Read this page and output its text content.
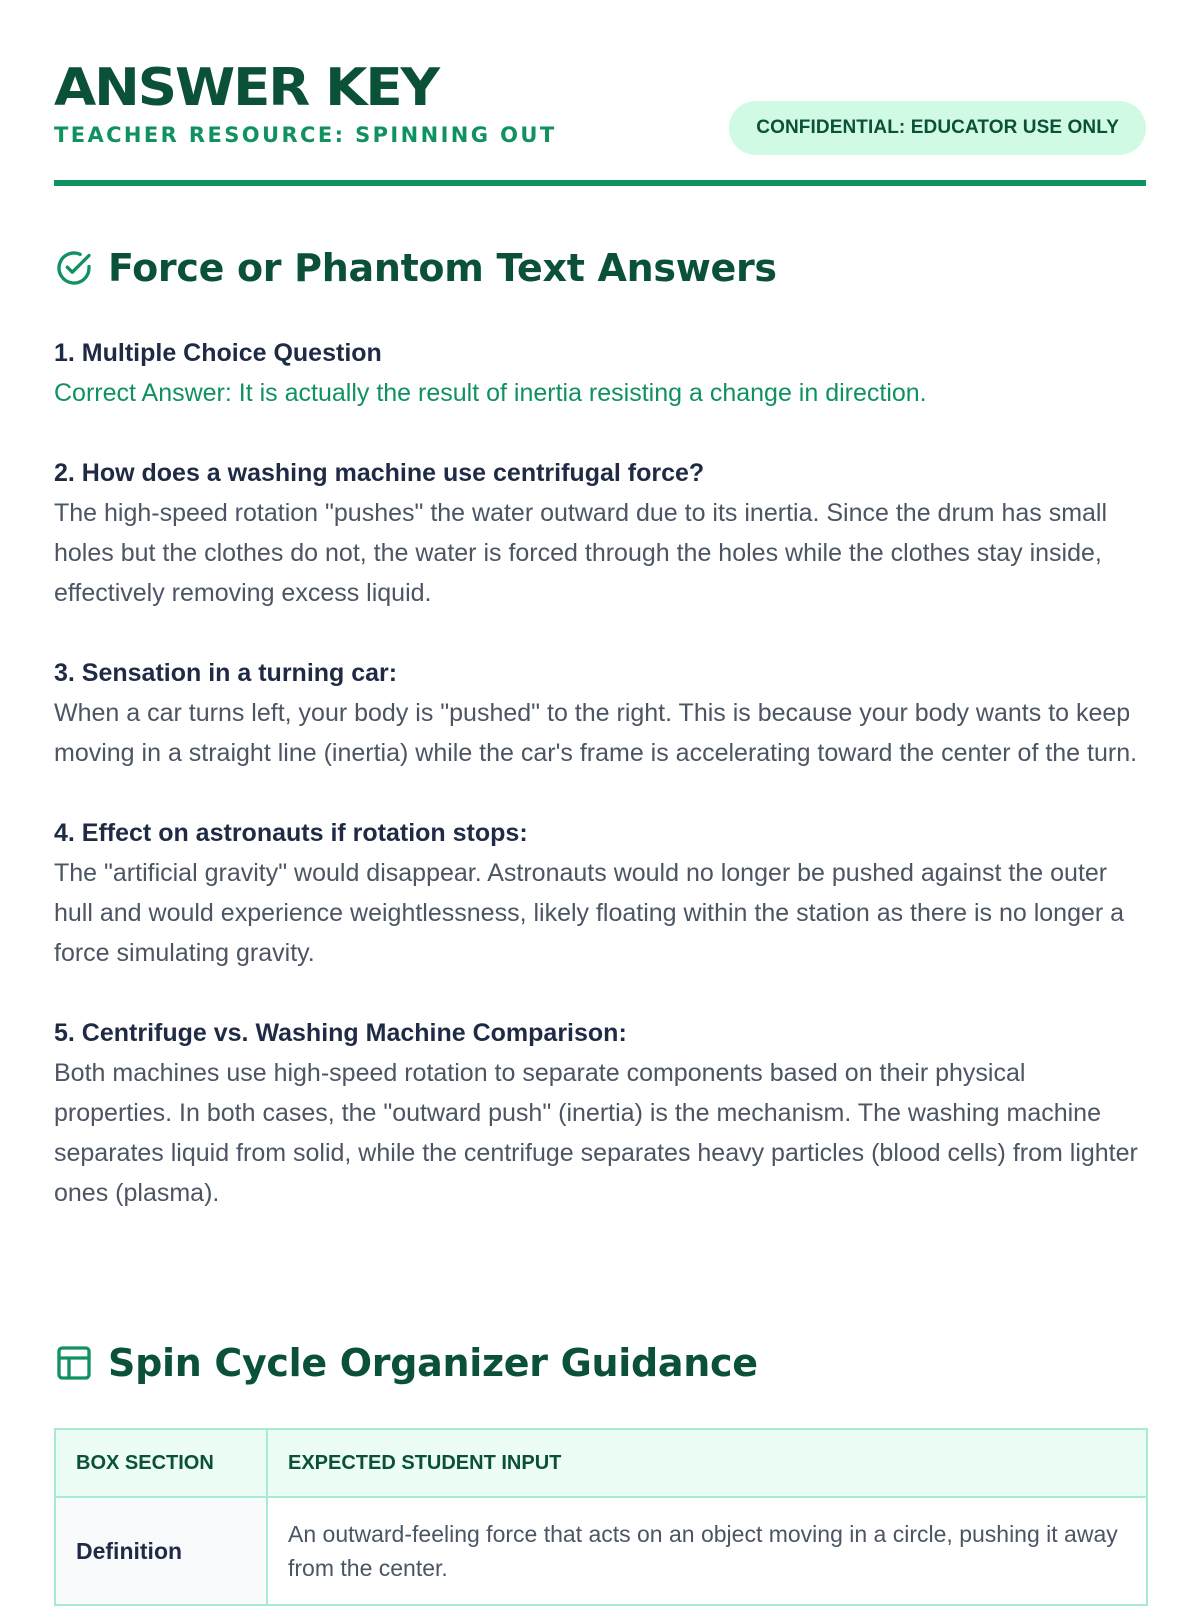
ANSWER KEY
TEACHER RESOURCE: SPINNING OUT	CONFIDENTIAL: EDUCATOR USE ONLY
Force or Phantom Text Answers
1. Multiple Choice Question
Correct Answer: It is actually the result of inertia resisting a change in direction.
2. How does a washing machine use centrifugal force?
The high-speed rotation "pushes" the water outward due to its inertia. Since the drum has small holes but the clothes do not, the water is forced through the holes while the clothes stay inside, effectively removing excess liquid.
3. Sensation in a turning car:
When a car turns left, your body is "pushed" to the right. This is because your body wants to keep moving in a straight line (inertia) while the car's frame is accelerating toward the center of the turn.
4. Effect on astronauts if rotation stops:
The "artificial gravity" would disappear. Astronauts would no longer be pushed against the outer hull and would experience weightlessness, likely floating within the station as there is no longer a force simulating gravity.
5. Centrifuge vs. Washing Machine Comparison:
Both machines use high-speed rotation to separate components based on their physical properties. In both cases, the "outward push" (inertia) is the mechanism. The washing machine separates liquid from solid, while the centrifuge separates heavy particles (blood cells) from lighter ones (plasma).
Spin Cycle Organizer Guidance
BOX SECTION	EXPECTED STUDENT INPUT
Definition	An outward-feeling force that acts on an object moving in a circle, pushing it away from the center.
